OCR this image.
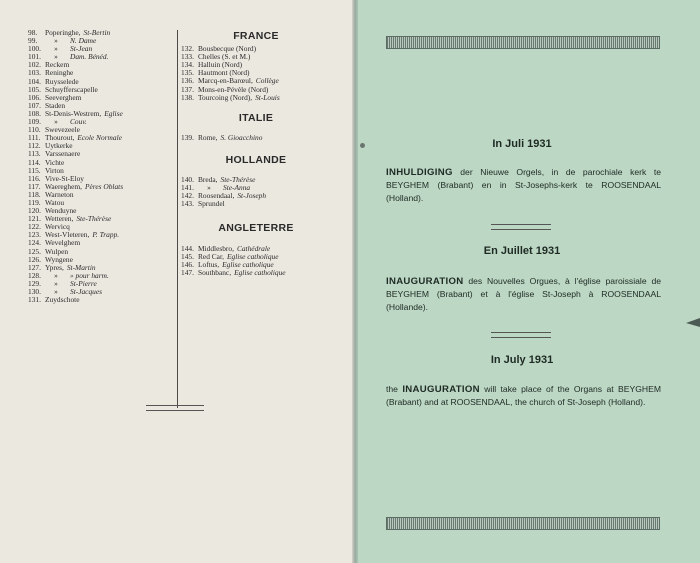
98.	Poperinghe, St-Bertin
99.	»	N. Dame
100.	»	St-Jean
101.	»	Dam. Bénéd.
102. Reckem
103. Reninghe
104. Ruysselede
105. Schuyfferscapelle
106. Seeverghem
107. Staden
108. St-Denis-Westrem, Eglise
109.	»	Couv.
110. Swevezeele
111. Thourout, Ecole Normale
112. Uytkerke
113. Varssenaere
114. Vichte
115. Virton
116. Vive-St-Eloy
117. Waereghem, Pères Oblats
118. Warneton
119. Watou
120. Wenduyne
121. Wetteren, Ste-Thérèse
122. Wervicq
123. West-Vleteren, P. Trapp.
124. Wevelghem
125. Wulpen
126. Wyngene
127. Ypres, St-Martin
128.	»	» pour harm.
129.	»	St-Pierre
130.	»	St-Jacques
131. Zuydschote
FRANCE
132. Bousbecque (Nord)
133. Chelles (S. et M.)
134. Halluin (Nord)
135. Hautmont (Nord)
136. Marcq-en-Barœul, Collège
137. Mons-en-Pévèle (Nord)
138. Tourcoing (Nord), St-Louis
ITALIE
139. Rome, S. Gioacchino
HOLLANDE
140. Breda, Ste-Thérèse
141.	»	Ste-Anna
142. Roosendaal, St-Joseph
143. Sprundel
ANGLETERRE
144. Middlesbro, Cathédrale
145. Red Car, Eglise catholique
146. Loftus, Eglise catholique
147. Southbanc, Eglise catholique
In Juli 1931
INHULDIGING der Nieuwe Orgels, in de parochiale kerk te BEYGHEM (Brabant) en in St-Josephs-kerk te ROOSENDAAL (Holland).
En Juillet 1931
INAUGURATION des Nouvelles Orgues, à l'église paroissiale de BEYGHEM (Brabant) et à l'église St-Joseph à ROOSENDAAL (Hollande).
In July 1931
the INAUGURATION will take place of the Organs at BEYGHEM (Brabant) and at ROOSENDAAL, the church of St-Joseph (Holland).
